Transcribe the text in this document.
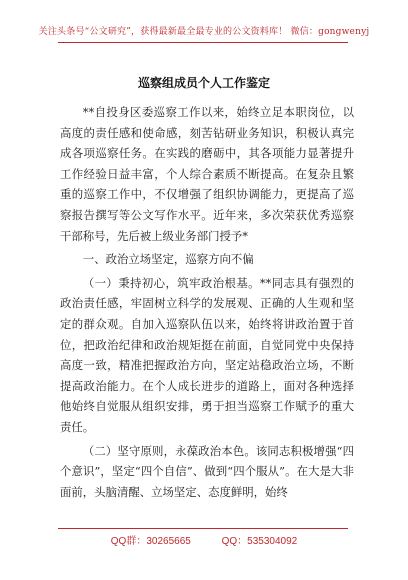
关注头条号“公文研究”，获得最新最全最专业的公文资料库！ 微信：gongwenyj
巡察组成员个人工作鉴定

**自投身区委巡察工作以来，始终立足本职岗位，以高度的责任感和使命感，刻苦钻研业务知识，积极认真完成各项巡察任务。在实践的磨砺中，其各项能力显著提升工作经验日益丰富，个人综合素质不断提高。在复杂且繁重的巡察工作中，不仅增强了组织协调能力，更提高了巡察报告撰写等公文写作水平。近年来，多次荣获优秀巡察干部称号，先后被上级业务部门授予*

一、政治立场坚定，巡察方向不偏

（一）秉持初心，筑牢政治根基。**同志具有强烈的政治责任感，牢固树立科学的发展观、正确的人生观和坚定的群众观。自加入巡察队伍以来，始终将讲政治置于首位，把政治纪律和政治规矩挺在前面，自觉同党中央保持高度一致，精准把握政治方向，坚定站稳政治立场，不断提高政治能力。在个人成长进步的道路上，面对各种选择他始终自觉服从组织安排，勇于担当巡察工作赋予的重大责任。

（二）坚守原则，永葆政治本色。该同志积极增强“四个意识”，坚定“四个自信”、做到“四个服从”。在大是大非面前，头脑清醒、立场坚定、态度鲜明，始终

QQ群：30265665	QQ：535304092
